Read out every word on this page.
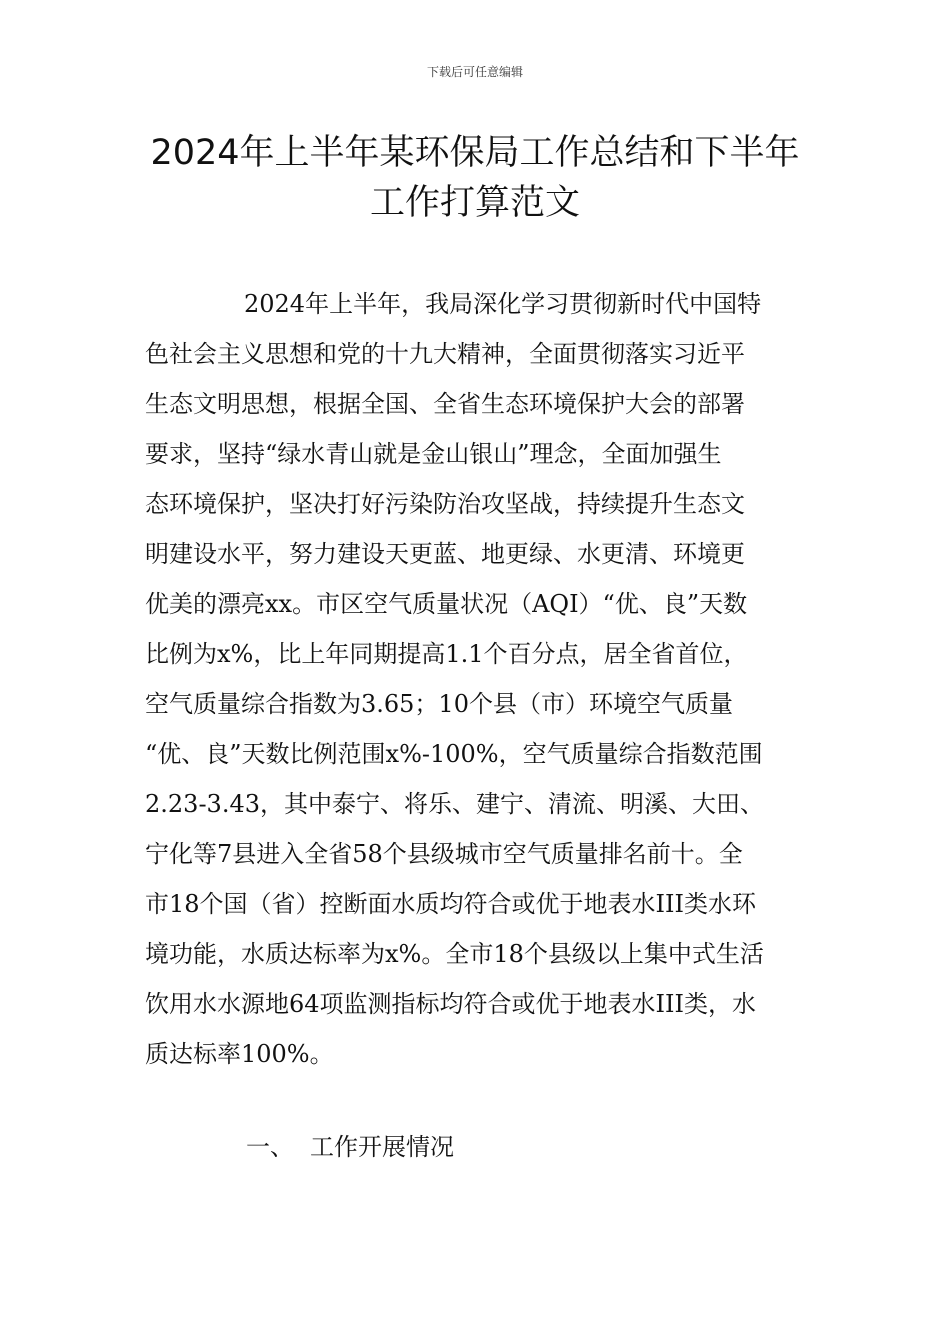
下载后可任意编辑
2024年上半年某环保局工作总结和下半年
工作打算范文
2024年上半年，我局深化学习贯彻新时代中国特
色社会主义思想和党的十九大精神，全面贯彻落实习近平
生态文明思想，根据全国、全省生态环境保护大会的部署
要求，坚持“绿水青山就是金山银山”理念，全面加强生
态环境保护，坚决打好污染防治攻坚战，持续提升生态文
明建设水平，努力建设天更蓝、地更绿、水更清、环境更
优美的漂亮xx。市区空气质量状况（AQI）“优、良”天数
比例为x%，比上年同期提高1.1个百分点，居全省首位，
空气质量综合指数为3.65；10个县（市）环境空气质量
“优、良”天数比例范围x%-100%，空气质量综合指数范围
2.23-3.43，其中泰宁、将乐、建宁、清流、明溪、大田、
宁化等7县进入全省58个县级城市空气质量排名前十。全
市18个国（省）控断面水质均符合或优于地表水III类水环
境功能，水质达标率为x%。全市18个县级以上集中式生活
饮用水水源地64项监测指标均符合或优于地表水III类，水
质达标率100%。
一、 工作开展情况
